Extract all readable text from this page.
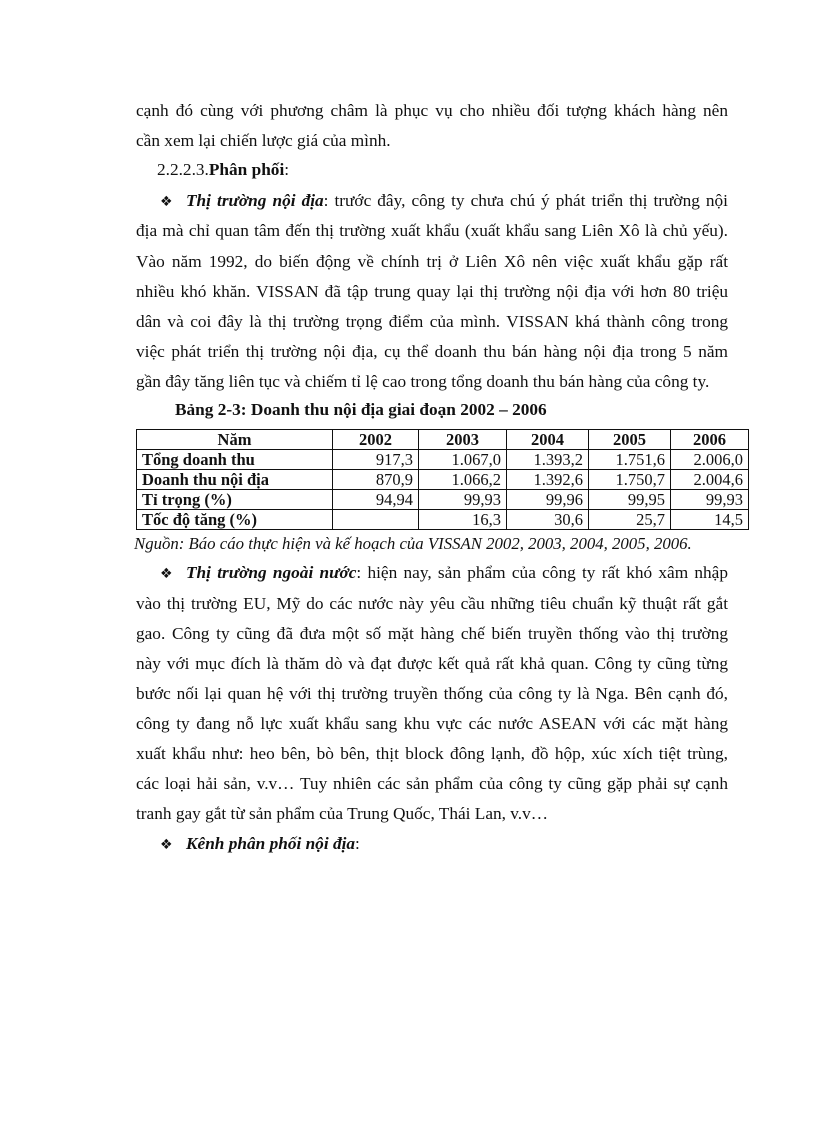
cạnh đó cùng với phương châm là phục vụ cho nhiều đối tượng khách hàng nên
cần xem lại chiến lược giá của mình.
2.2.2.3.Phân phối:
❖ Thị trường nội địa: trước đây, công ty chưa chú ý phát triển thị trường nội
địa mà chỉ quan tâm đến thị trường xuất khẩu (xuất khẩu sang Liên Xô là chủ yếu).
Vào năm 1992, do biến động về chính trị ở Liên Xô nên việc xuất khẩu gặp rất
nhiều khó khăn. VISSAN đã tập trung quay lại thị trường nội địa với hơn 80 triệu
dân và coi đây là thị trường trọng điểm của mình. VISSAN khá thành công trong
việc phát triển thị trường nội địa, cụ thể doanh thu bán hàng nội địa trong 5 năm
gần đây tăng liên tục và chiếm tỉ lệ cao trong tổng doanh thu bán hàng của công ty.
Bảng 2-3: Doanh thu nội địa giai đoạn 2002 – 2006
Năm	2002	2003	2004	2005	2006
Tổng doanh thu	917,3	1.067,0	1.393,2	1.751,6	2.006,0
Doanh thu nội địa	870,9	1.066,2	1.392,6	1.750,7	2.004,6
Tỉ trọng (%)	94,94	99,93	99,96	99,95	99,93
Tốc độ tăng (%)		16,3	30,6	25,7	14,5
Nguồn: Báo cáo thực hiện và kế hoạch của VISSAN 2002, 2003, 2004, 2005, 2006.
❖ Thị trường ngoài nước: hiện nay, sản phẩm của công ty rất khó xâm nhập
vào thị trường EU, Mỹ do các nước này yêu cầu những tiêu chuẩn kỹ thuật rất gắt
gao. Công ty cũng đã đưa một số mặt hàng chế biến truyền thống vào thị trường
này với mục đích là thăm dò và đạt được kết quả rất khả quan. Công ty cũng từng
bước nối lại quan hệ với thị trường truyền thống của công ty là Nga. Bên cạnh đó,
công ty đang nỗ lực xuất khẩu sang khu vực các nước ASEAN với các mặt hàng
xuất khẩu như: heo bên, bò bên, thịt block đông lạnh, đồ hộp, xúc xích tiệt trùng,
các loại hải sản, v.v… Tuy nhiên các sản phẩm của công ty cũng gặp phải sự cạnh
tranh gay gắt từ sản phẩm của Trung Quốc, Thái Lan, v.v…
❖ Kênh phân phối nội địa:
